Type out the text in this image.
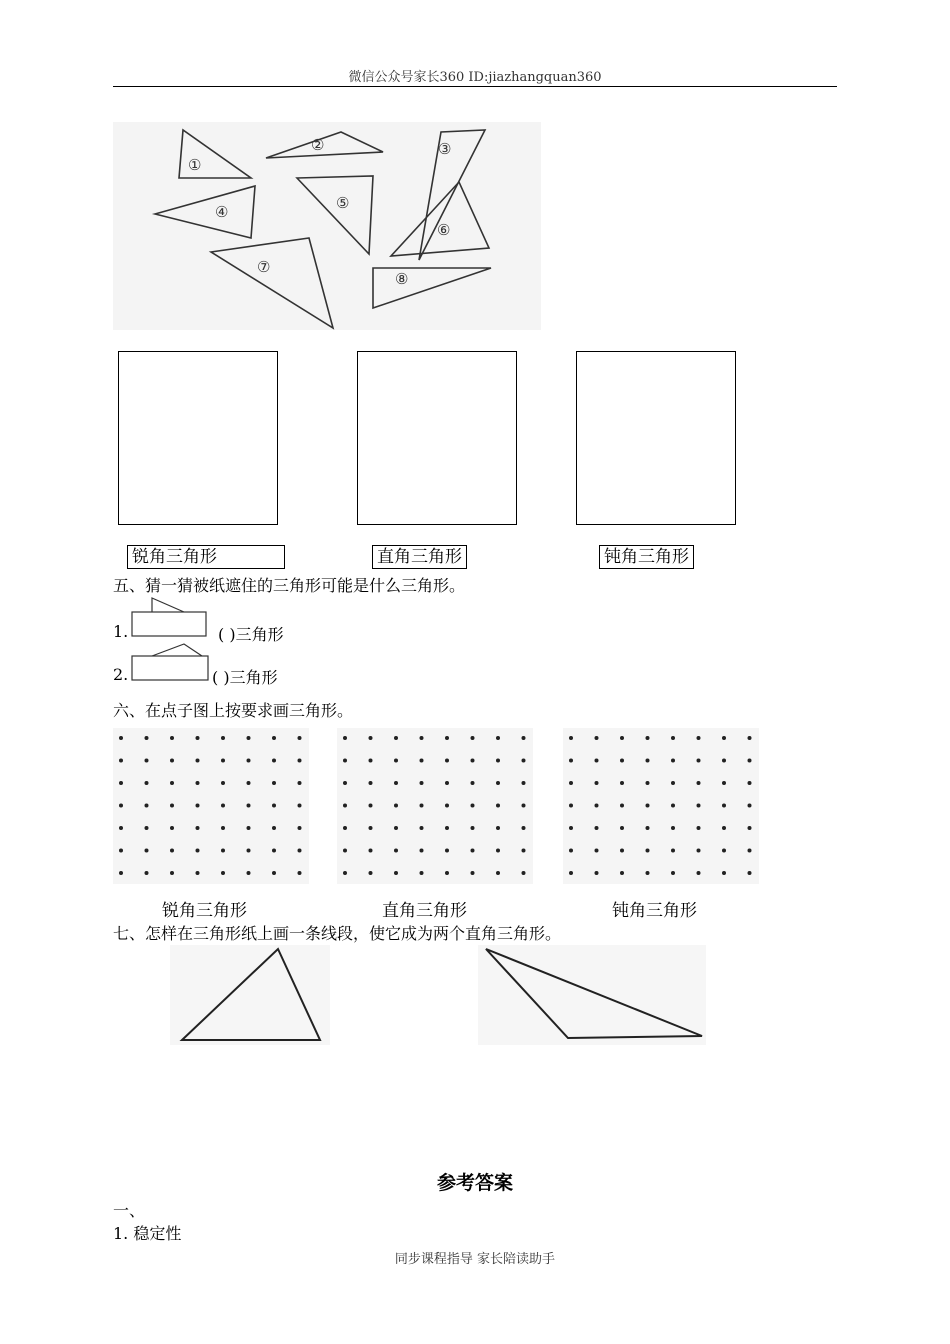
微信公众号家长360 ID:jiazhangquan360
①
②	③
④	⑤
⑥
⑦
⑧
锐角三角形	直角三角形	钝角三角形
五、猜一猜被纸遮住的三角形可能是什么三角形。
1.	( )三角形
2.	( )三角形
六、在点子图上按要求画三角形。
锐角三角形	直角三角形	钝角三角形
七、怎样在三角形纸上画一条线段，使它成为两个直角三角形。
参考答案
一、
1. 稳定性
同步课程指导 家长陪读助手
